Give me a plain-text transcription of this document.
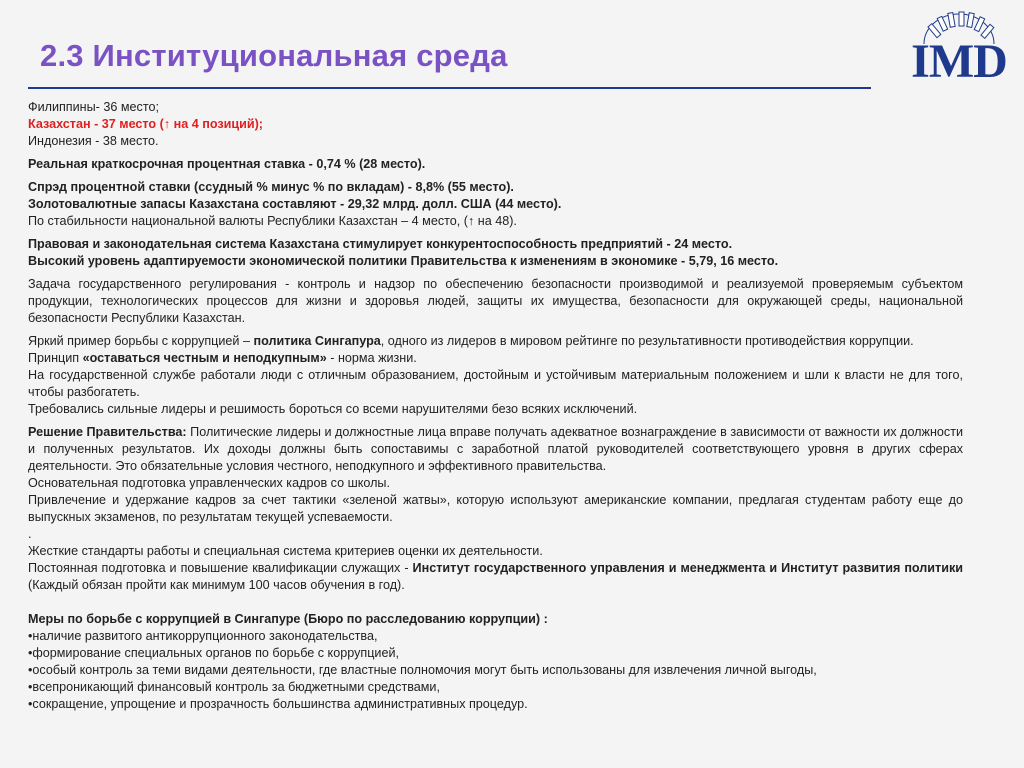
2.3 Институциональная среда	IMD
Филиппины- 36 место;
Казахстан - 37 место (↑ на 4 позиций);
Индонезия - 38 место.
Реальная краткосрочная процентная ставка - 0,74 % (28 место).
Спрэд процентной ставки (ссудный % минус % по вкладам) - 8,8% (55 место).
Золотовалютные запасы Казахстана составляют - 29,32 млрд. долл. США (44 место).
По стабильности национальной валюты Республики Казахстан – 4 место, (↑ на 48).
Правовая и законодательная система Казахстана стимулирует конкурентоспособность предприятий - 24 место.
Высокий уровень адаптируемости экономической политики Правительства к изменениям в экономике - 5,79, 16 место.
Задача государственного регулирования - контроль и надзор по обеспечению безопасности производимой и реализуемой проверяемым субъектом продукции, технологических процессов для жизни и здоровья людей, защиты их имущества, безопасности для окружающей среды, национальной безопасности Республики Казахстан.
Яркий пример борьбы с коррупцией – политика Сингапура, одного из лидеров в мировом рейтинге по результативности противодействия коррупции.
Принцип «оставаться честным и неподкупным» - норма жизни.
На государственной службе работали люди с отличным образованием, достойным и устойчивым материальным положением и шли к власти не для того, чтобы разбогатеть.
Требовались сильные лидеры и решимость бороться со всеми нарушителями безо всяких исключений.
Решение Правительства: Политические лидеры и должностные лица вправе получать адекватное вознаграждение в зависимости от важности их должности и полученных результатов. Их доходы должны быть сопоставимы с заработной платой руководителей соответствующего уровня в других сферах деятельности. Это обязательные условия честного, неподкупного и эффективного правительства.
Основательная подготовка управленческих кадров со школы.
Привлечение и удержание кадров за счет тактики «зеленой жатвы», которую используют американские компании, предлагая студентам работу еще до выпускных экзаменов, по результатам текущей успеваемости.
.
Жесткие стандарты работы и специальная система критериев оценки их деятельности.
Постоянная подготовка и повышение квалификации служащих - Институт государственного управления и менеджмента и Институт развития политики (Каждый обязан пройти как минимум 100 часов обучения в год).
Меры по борьбе с коррупцией в Сингапуре (Бюро по расследованию коррупции) :
•наличие развитого антикоррупционного законодательства,
•формирование специальных органов по борьбе с коррупцией,
•особый контроль за теми видами деятельности, где властные полномочия могут быть использованы для извлечения личной выгоды,
•всепроникающий финансовый контроль за бюджетными средствами,
•сокращение, упрощение и прозрачность большинства административных процедур.
